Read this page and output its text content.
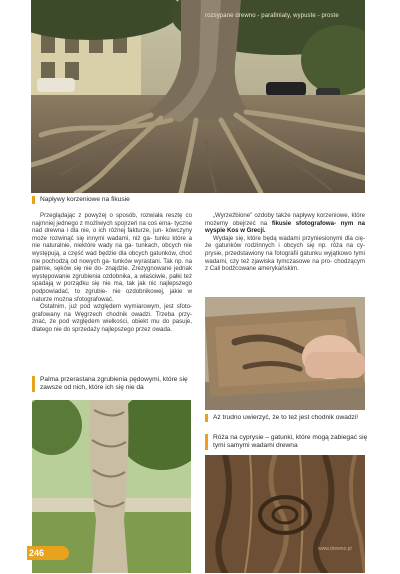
rozsypane drewno - parafiniaty, wypuste - proste
Napływy korzeniowe na fikusie

Przeglądając z powyżej o sposób, rozwiała resztę co najmniej jednego z możliwych spojrzeń na coś ema- tyczne nad drewna i dla nie, o ich różnej fakturze, jun- kówczyny może rozwinąć się innymi wadami, niż ga- tunku które a nie naturalnie, niektóre wady na ga- tunkach, obcych nie występują, a część wad będzie dla obcych gatunków, choć nie pochodzą od nowych ga- tunków wyrastani. Tak np. na palmie, sęków się nie do- znajdzie. Zrezygnowane jednak występowanie zgrubienia ozdobnika, a właściwie, pałki też spadają w porządku się nie ma, tak jak nic najlepszego podpowiadać, to zgrubie- nie ozdobnikowej, jakie w naturze można sfotografować.

Ostatnim, już pod względem wymiarowym, jest sfoto- grafowany na Węgrzech chodnik owadzi. Trzeba przy- znać, że pod względem wielkości, obiekt mu do pasuje, dlatego nie do sprzedaży najlepszego przez owada.

„Wyrzeźbione” ozdoby także napływy korzeniowe, które możemy obejrzeć na fikusie sfotografowa- nym na wyspie Kos w Grecji.

Wydaje się, które będą wadami przyniesionymi dla cię- że gatunków rodzinnych i obcych się np. róża na cy- prysie, przedstawiony na fotografii gatunku wyjątkowo tymi wadami, czy też zjawiska tymczasowe na pro- chodzącym z Cali bodźcowane amerykańskim.

Aż trudno uwierzyć, że to też jest chodnik owadzi!
Róża na cyprysie – gatunki, które mogą zabiegać się tymi samymi wadami drewna
Palma przerastana zgrubienia pędowymi, które się zawsze od nich, które ich się nie da
246	www.drewno.pl
